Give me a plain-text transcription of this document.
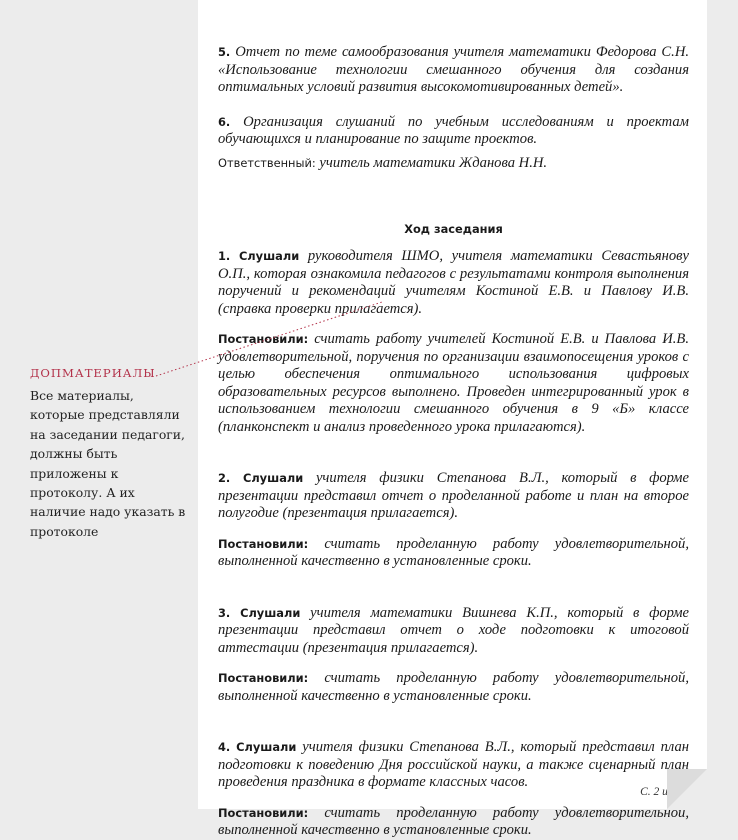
5. Отчет по теме самообразования учителя математики Федорова С.Н. «Использование технологии смешанного обучения для создания оптимальных условий развития высокомотивированных детей».

6. Организация слушаний по учебным исследованиям и проектам обучающихся и планирование по защите проектов.

Ответственный: учитель математики Жданова Н.Н.

Ход заседания

1. Слушали руководителя ШМО, учителя математики Севастьянову О.П., которая ознакомила педагогов с результатами контроля выполнения поручений и рекомендаций учителям Костиной Е.В. и Павлову И.В. (справка проверки прилагается).

Постановили: считать работу учителей Костиной Е.В. и Павлова И.В. удовлетворительной, поручения по организации взаимопосещения уроков с целью обеспечения оптимального использования цифровых образовательных ресурсов выполнено. Проведен интегрированный урок в использованием технологии смешанного обучения в 9 «Б» классе (планконспект и анализ проведенного урока прилагаются).

2. Слушали учителя физики Степанова В.Л., который в форме презентации представил отчет о проделанной работе и план на второе полугодие (презентация прилагается).

Постановили: считать проделанную работу удовлетворительной, выполненной качественно в установленные сроки.

3. Слушали учителя математики Вишнева К.П., который в форме презентации представил отчет о ходе подготовки к итоговой аттестации (презентация прилагается).

Постановили: считать проделанную работу удовлетворительной, выполненной качественно в установленные сроки.

4. Слушали учителя физики Степанова В.Л., который представил план подготовки к поведению Дня российской науки, а также сценарный план проведения праздника в формате классных часов.

Постановили: считать проделанную работу удовлетворительной, выполненной качественно в установленные сроки.

С. 2 из 3
ДОПМАТЕРИАЛЫ
Все материалы, которые представляли на заседании педагоги, должны быть приложены к протоколу. А их наличие надо указать в протоколе
